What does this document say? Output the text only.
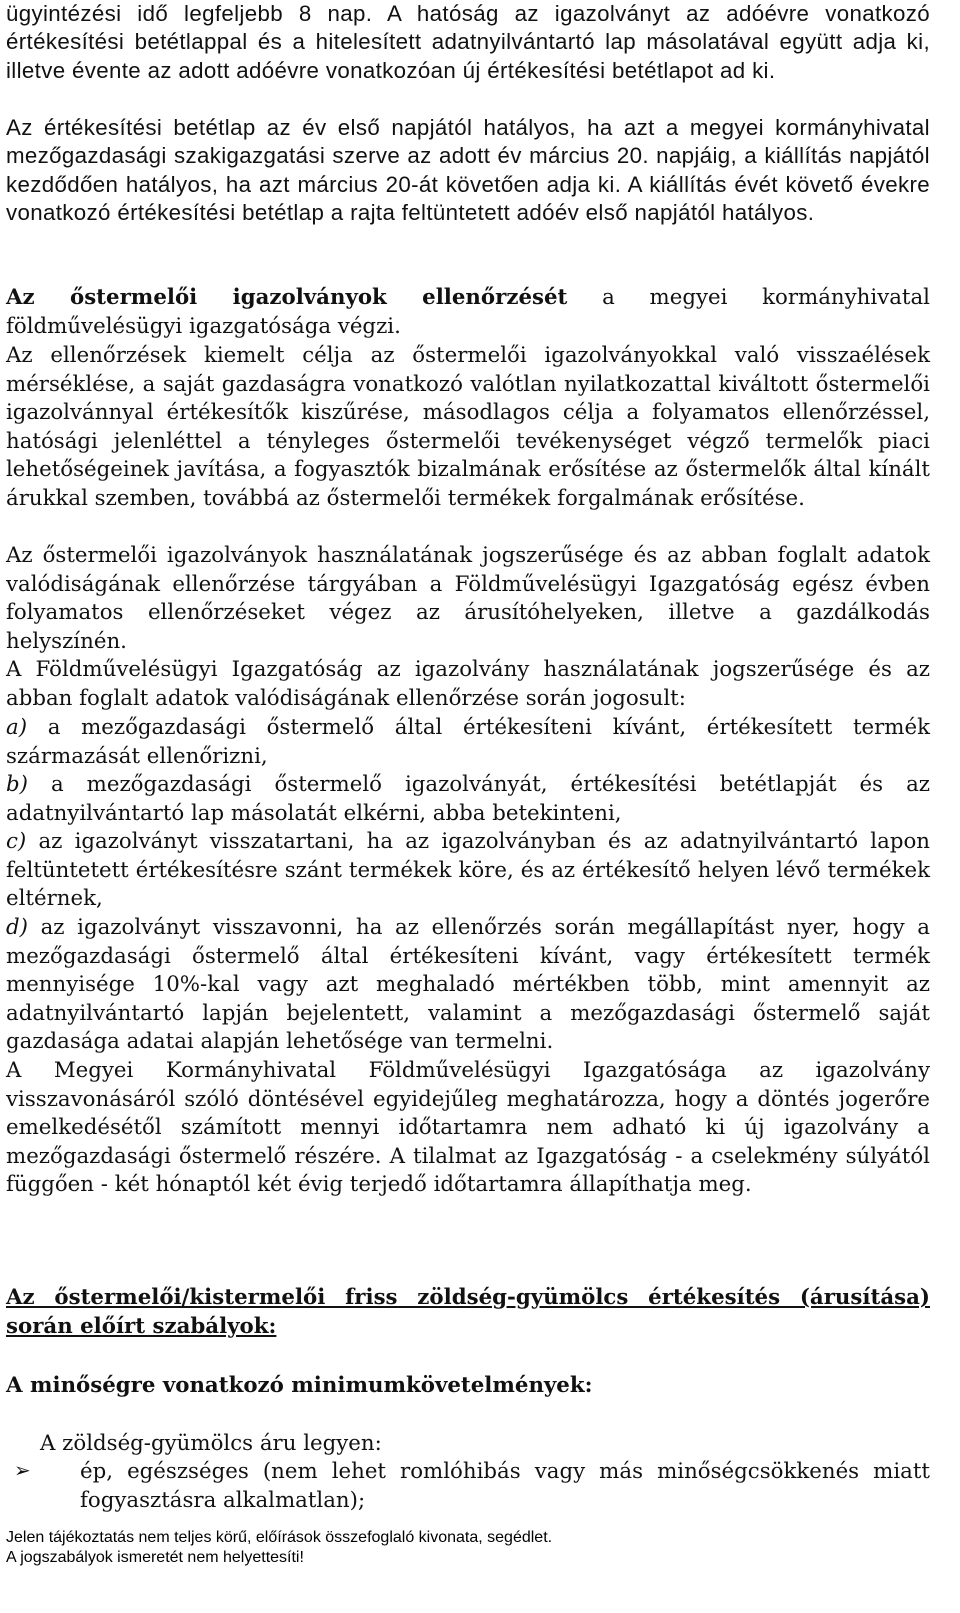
ügyintézési idő legfeljebb 8 nap. A hatóság az igazolványt az adóévre vonatkozó értékesítési betétlappal és a hitelesített adatnyilvántartó lap másolatával együtt adja ki, illetve évente az adott adóévre vonatkozóan új értékesítési betétlapot ad ki.

Az értékesítési betétlap az év első napjától hatályos, ha azt a megyei kormányhivatal mezőgazdasági szakigazgatási szerve az adott év március 20. napjáig, a kiállítás napjától kezdődően hatályos, ha azt március 20-át követően adja ki. A kiállítás évét követő évekre vonatkozó értékesítési betétlap a rajta feltüntetett adóév első napjától hatályos.

Az őstermelői igazolványok ellenőrzését a megyei kormányhivatal földművelésügyi igazgatósága végzi.

Az ellenőrzések kiemelt célja az őstermelői igazolványokkal való visszaélések mérséklése, a saját gazdaságra vonatkozó valótlan nyilatkozattal kiváltott őstermelői igazolvánnyal értékesítők kiszűrése, másodlagos célja a folyamatos ellenőrzéssel, hatósági jelenléttel a tényleges őstermelői tevékenységet végző termelők piaci lehetőségeinek javítása, a fogyasztók bizalmának erősítése az őstermelők által kínált árukkal szemben, továbbá az őstermelői termékek forgalmának erősítése.

Az őstermelői igazolványok használatának jogszerűsége és az abban foglalt adatok valódiságának ellenőrzése tárgyában a Földművelésügyi Igazgatóság egész évben folyamatos ellenőrzéseket végez az árusítóhelyeken, illetve a gazdálkodás helyszínén.

A Földművelésügyi Igazgatóság az igazolvány használatának jogszerűsége és az abban foglalt adatok valódiságának ellenőrzése során jogosult:

a) a mezőgazdasági őstermelő által értékesíteni kívánt, értékesített termék származását ellenőrizni,

b) a mezőgazdasági őstermelő igazolványát, értékesítési betétlapját és az adatnyilvántartó lap másolatát elkérni, abba betekinteni,

c) az igazolványt visszatartani, ha az igazolványban és az adatnyilvántartó lapon feltüntetett értékesítésre szánt termékek köre, és az értékesítő helyen lévő termékek eltérnek,

d) az igazolványt visszavonni, ha az ellenőrzés során megállapítást nyer, hogy a mezőgazdasági őstermelő által értékesíteni kívánt, vagy értékesített termék mennyisége 10%-kal vagy azt meghaladó mértékben több, mint amennyit az adatnyilvántartó lapján bejelentett, valamint a mezőgazdasági őstermelő saját gazdasága adatai alapján lehetősége van termelni.

A Megyei Kormányhivatal Földművelésügyi Igazgatósága az igazolvány visszavonásáról szóló döntésével egyidejűleg meghatározza, hogy a döntés jogerőre emelkedésétől számított mennyi időtartamra nem adható ki új igazolvány a mezőgazdasági őstermelő részére. A tilalmat az Igazgatóság - a cselekmény súlyától függően - két hónaptól két évig terjedő időtartamra állapíthatja meg.

Az őstermelői/kistermelői friss zöldség-gyümölcs értékesítés (árusítása) során előírt szabályok:

A minőségre vonatkozó minimumkövetelmények:

A zöldség-gyümölcs áru legyen:

➢ ép, egészséges (nem lehet romlóhibás vagy más minőségcsökkenés miatt fogyasztásra alkalmatlan);

Jelen tájékoztatás nem teljes körű, előírások összefoglaló kivonata, segédlet.
A jogszabályok ismeretét nem helyettesíti!
